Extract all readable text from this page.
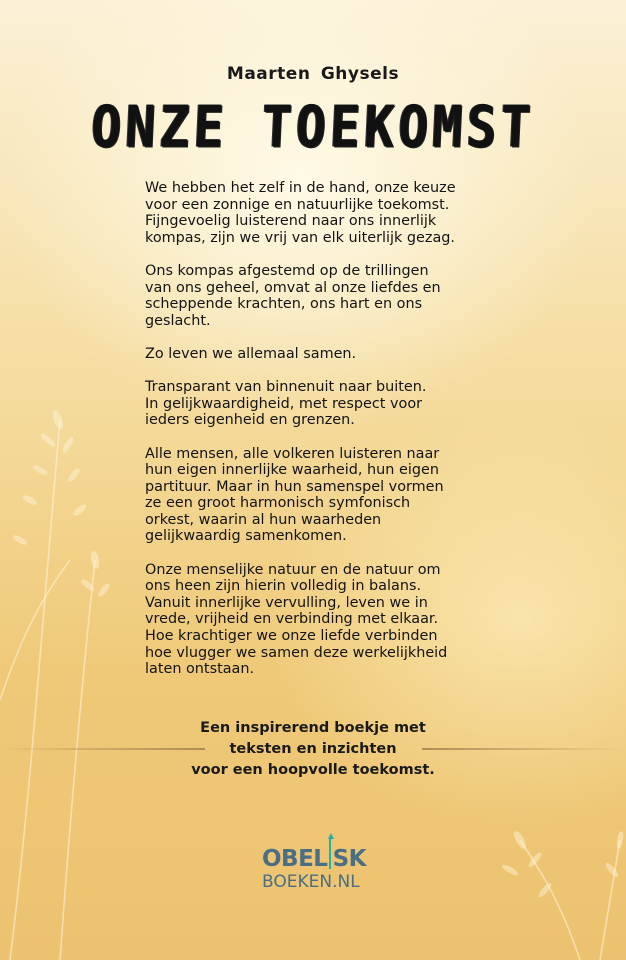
Maarten Ghysels
ONZE TOEKOMST

We hebben het zelf in de hand, onze keuze
voor een zonnige en natuurlijke toekomst.
Fijngevoelig luisterend naar ons innerlijk
kompas, zijn we vrij van elk uiterlijk gezag.

Ons kompas afgestemd op de trillingen
van ons geheel, omvat al onze liefdes en
scheppende krachten, ons hart en ons
geslacht.

Zo leven we allemaal samen.

Transparant van binnenuit naar buiten.
In gelijkwaardigheid, met respect voor
ieders eigenheid en grenzen.

Alle mensen, alle volkeren luisteren naar
hun eigen innerlijke waarheid, hun eigen
partituur. Maar in hun samenspel vormen
ze een groot harmonisch symfonisch
orkest, waarin al hun waarheden
gelijkwaardig samenkomen.

Onze menselijke natuur en de natuur om
ons heen zijn hierin volledig in balans.
Vanuit innerlijke vervulling, leven we in
vrede, vrijheid en verbinding met elkaar.
Hoe krachtiger we onze liefde verbinden
hoe vlugger we samen deze werkelijkheid
laten ontstaan.

Een inspirerend boekje met
teksten en inzichten
voor een hoopvolle toekomst.
OBEL SK
BOEKEN.NL
